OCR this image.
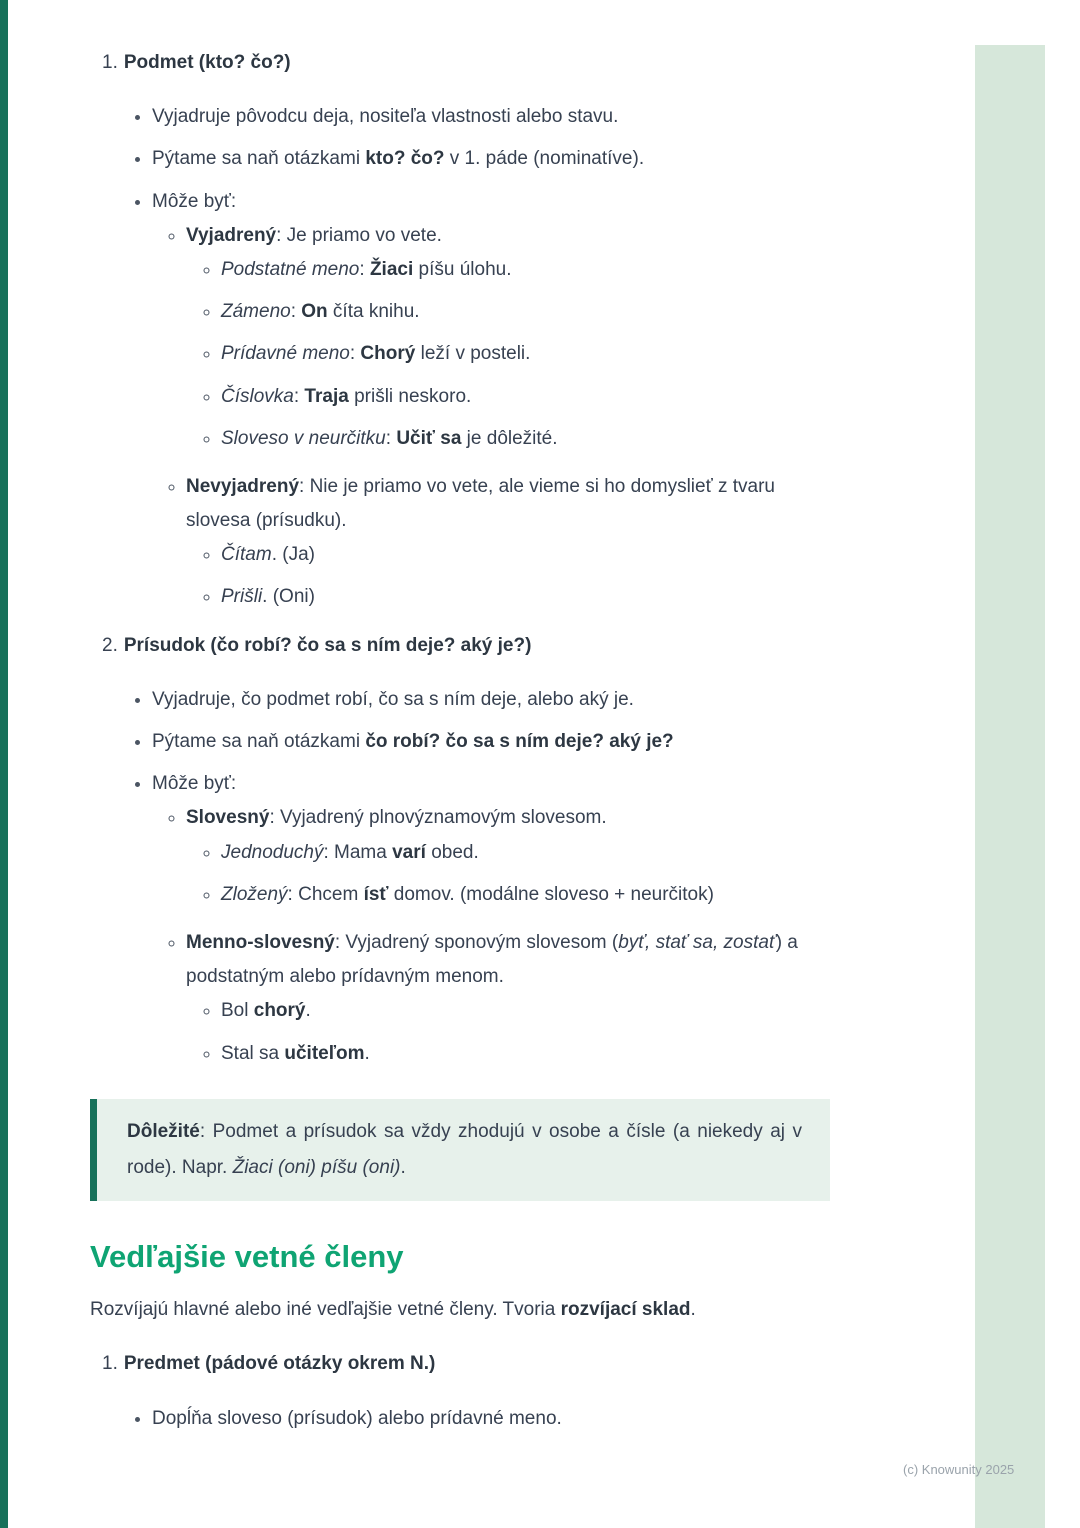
1. Podmet (kto? čo?)
• Vyjadruje pôvodcu deja, nositeľa vlastnosti alebo stavu.
• Pýtame sa naň otázkami kto? čo? v 1. páde (nominatíve).
• Môže byť:
◦ Vyjadrený: Je priamo vo vete.
◦ Podstatné meno: Žiaci píšu úlohu.
◦ Zámeno: On číta knihu.
◦ Prídavné meno: Chorý leží v posteli.
◦ Číslovka: Traja prišli neskoro.
◦ Sloveso v neurčitku: Učiť sa je dôležité.
◦ Nevyjadrený: Nie je priamo vo vete, ale vieme si ho domyslieť z tvaru slovesa (prísudku).
◦ Čítam. (Ja)
◦ Prišli. (Oni)
2. Prísudok (čo robí? čo sa s ním deje? aký je?)
• Vyjadruje, čo podmet robí, čo sa s ním deje, alebo aký je.
• Pýtame sa naň otázkami čo robí? čo sa s ním deje? aký je?
• Môže byť:
◦ Slovesný: Vyjadrený plnovýznamovým slovesom.
◦ Jednoduchý: Mama varí obed.
◦ Zložený: Chcem ísť domov. (modálne sloveso + neurčitok)
◦ Menno-slovesný: Vyjadrený sponovým slovesom (byť, stať sa, zostať) a podstatným alebo prídavným menom.
◦ Bol chorý.
◦ Stal sa učiteľom.

Dôležité: Podmet a prísudok sa vždy zhodujú v osobe a čísle (a niekedy aj v rode). Napr. Žiaci (oni) píšu (oni).

Vedľajšie vetné členy

Rozvíjajú hlavné alebo iné vedľajšie vetné členy. Tvoria rozvíjací sklad.

1. Predmet (pádové otázky okrem N.)
• Dopĺňa sloveso (prísudok) alebo prídavné meno.
(c) Knowunity 2025
